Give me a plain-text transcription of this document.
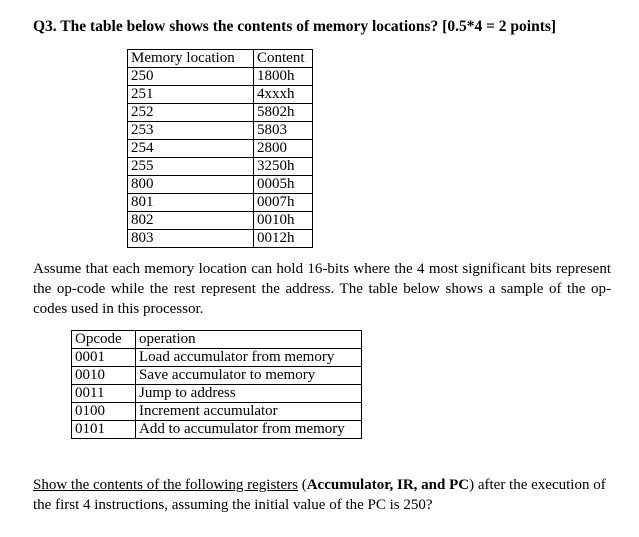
Q3. The table below shows the contents of memory locations? [0.5*4 = 2 points]

Memory location	Content
250	1800h
251	4xxxh
252	5802h
253	5803
254	2800
255	3250h
800	0005h
801	0007h
802	0010h
803	0012h

Assume that each memory location can hold 16-bits where the 4 most significant bits represent the op-code while the rest represent the address. The table below shows a sample of the op-codes used in this processor.

Opcode	operation
0001	Load accumulator from memory
0010	Save accumulator to memory
0011	Jump to address
0100	Increment accumulator
0101	Add to accumulator from memory

Show the contents of the following registers (Accumulator, IR, and PC) after the execution of the first 4 instructions, assuming the initial value of the PC is 250?
